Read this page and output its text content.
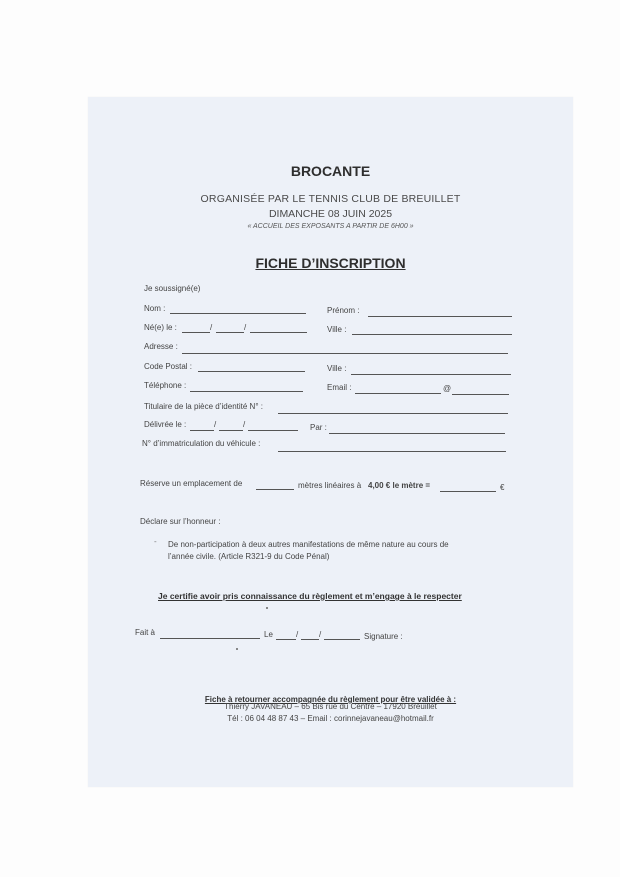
BROCANTE
ORGANISÉE PAR LE TENNIS CLUB DE BREUILLET
DIMANCHE 08 JUIN 2025
« ACCUEIL DES EXPOSANTS A PARTIR DE 6H00 »
FICHE D’INSCRIPTION
Je soussigné(e)
Nom :	Prénom :
Né(e) le :	/	/	Ville :
Adresse :
Code Postal :	Ville :
Téléphone :	Email :	@
Titulaire de la pièce d’identité N° :
Délivrée le :	/	/	Par :
N° d’immatriculation du véhicule :
Réserve un emplacement de	mètres linéaires à 4,00 € le mètre =	€
Déclare sur l’honneur :
- De non-participation à deux autres manifestations de même nature au cours de
l’année civile. (Article R321-9 du Code Pénal)
Je certifie avoir pris connaissance du règlement et m’engage à le respecter
Fait à	Le	/	/	Signature :
Fiche à retourner accompagnée du règlement pour être validée à :
Thierry JAVANEAU – 65 Bis rue du Centre – 17920 Breuillet
Tél : 06 04 48 87 43 – Email : corinnejavaneau@hotmail.fr
